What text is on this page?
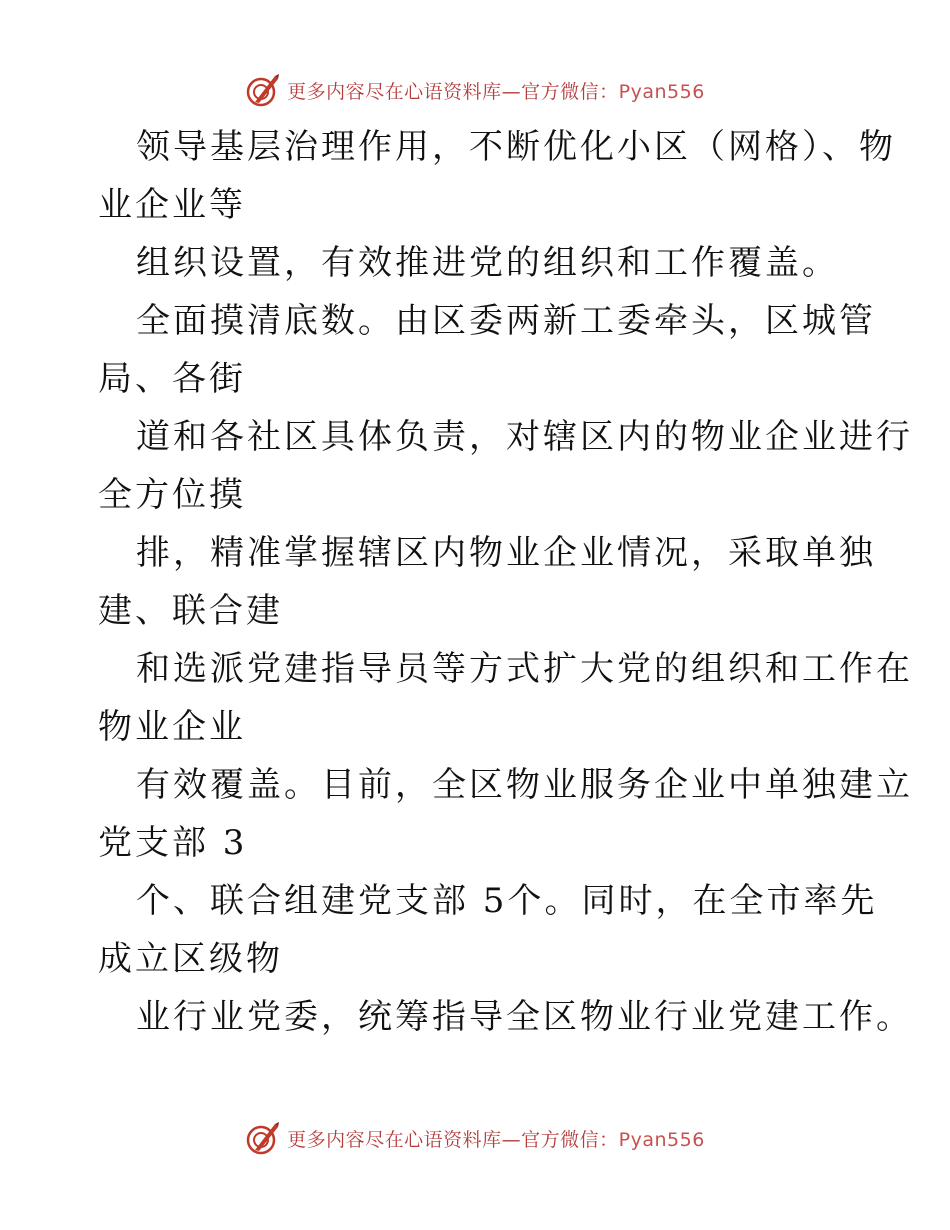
更多内容尽在心语资料库—官方微信：Pyan556
领导基层治理作用，不断优化小区（网格）、物
业企业等
组织设置，有效推进党的组织和工作覆盖。
全面摸清底数。由区委两新工委牵头，区城管
局、各街
道和各社区具体负责，对辖区内的物业企业进行
全方位摸
排，精准掌握辖区内物业企业情况，采取单独
建、联合建
和选派党建指导员等方式扩大党的组织和工作在
物业企业
有效覆盖。目前，全区物业服务企业中单独建立
党支部 3
个、联合组建党支部 5个。同时，在全市率先
成立区级物
业行业党委，统筹指导全区物业行业党建工作。
更多内容尽在心语资料库—官方微信：Pyan556
